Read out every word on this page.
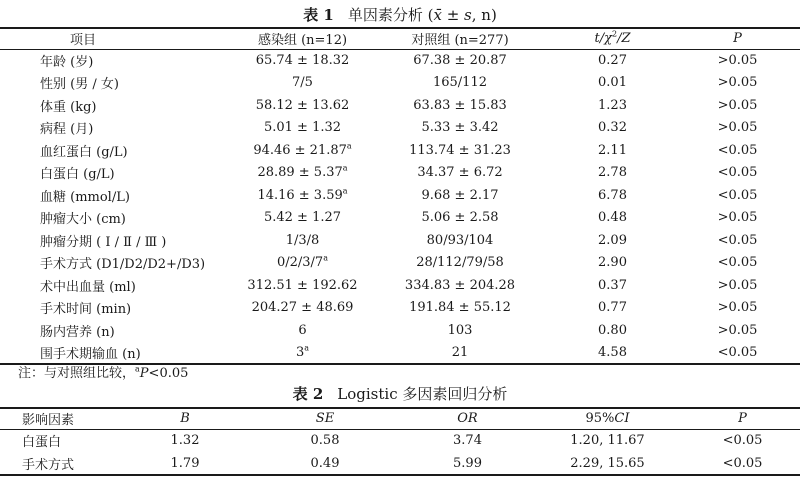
表 1 单因素分析 (x̄ ± s, n)
项目	感染组 (n=12)	对照组 (n=277)	$t/\chi^2/Z$	P
年龄 (岁)	65.74 ± 18.32	67.38 ± 20.87	0.27	>0.05
性别 (男 / 女)	7/5	165/112	0.01	>0.05
体重 (kg)	58.12 ± 13.62	63.83 ± 15.83	1.23	>0.05
病程 (月)	5.01 ± 1.32	5.33 ± 3.42	0.32	>0.05
血红蛋白 (g/L)	94.46 ± 21.87$^a$	113.74 ± 31.23	2.11	<0.05
白蛋白 (g/L)	28.89 ± 5.37$^a$	34.37 ± 6.72	2.78	<0.05
血糖 (mmol/L)	14.16 ± 3.59$^a$	9.68 ± 2.17	6.78	<0.05
肿瘤大小 (cm)	5.42 ± 1.27	5.06 ± 2.58	0.48	>0.05
肿瘤分期 ( Ⅰ / Ⅱ / Ⅲ )	1/3/8	80/93/104	2.09	<0.05
手术方式 (D1/D2/D2+/D3)	0/2/3/7$^a$	28/112/79/58	2.90	<0.05
术中出血量 (ml)	312.51 ± 192.62	334.83 ± 204.28	0.37	>0.05
手术时间 (min)	204.27 ± 48.69	191.84 ± 55.12	0.77	>0.05
肠内营养 (n)	6	103	0.80	>0.05
围手术期输血 (n)	3$^a$	21	4.58	<0.05
注：与对照组比较，$^a$P<0.05
表 2 Logistic 多因素回归分析
影响因素	B	SE	OR	95%CI	P
白蛋白	1.32	0.58	3.74	1.20, 11.67	<0.05
手术方式	1.79	0.49	5.99	2.29, 15.65	<0.05
